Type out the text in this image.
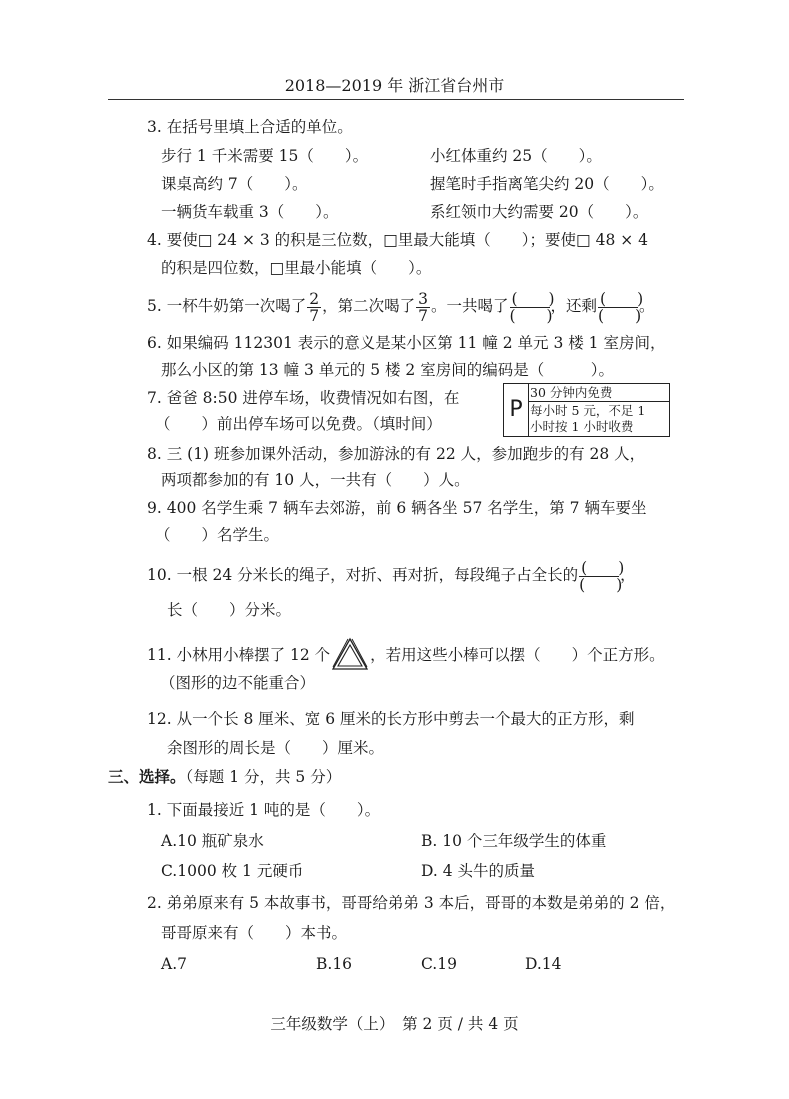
2018—2019 年 浙江省台州市
3. 在括号里填上合适的单位。
步行 1 千米需要 15（　　）。	小红体重约 25（　　）。
课桌高约 7（　　）。	握笔时手指离笔尖约 20（　　）。
一辆货车载重 3（　　）。	系红领巾大约需要 20（　　）。
4. 要使□ 24 × 3 的积是三位数，□里最大能填（　　）；要使□ 48 × 4
的积是四位数，□里最小能填（　　）。
5. 一杯牛奶第一次喝了 $\frac{2}{7}$ ，第二次喝了 $\frac{3}{7}$ 。一共喝了 $\frac{( )}{( )}$ ，还剩 $\frac{( )}{( )}$ 。
6. 如果编码 112301 表示的意义是某小区第 11 幢 2 单元 3 楼 1 室房间，
那么小区的第 13 幢 3 单元的 5 楼 2 室房间的编码是（　　　）。
7. 爸爸 8:50 进停车场，收费情况如右图，在
（　　）前出停车场可以免费。（填时间）
P
30 分钟内免费
每小时 5 元，不足 1
小时按 1 小时收费
8. 三 (1) 班参加课外活动，参加游泳的有 22 人，参加跑步的有 28 人，
两项都参加的有 10 人，一共有（　　）人。
9. 400 名学生乘 7 辆车去郊游，前 6 辆各坐 57 名学生，第 7 辆车要坐
（　　）名学生。
10. 一根 24 分米长的绳子，对折、再对折，每段绳子占全长的 $\frac{( )}{( )}$ ，
长（　　）分米。
11. 小林用小棒摆了 12 个	，若用这些小棒可以摆（　　）个正方形。
（图形的边不能重合）
12. 从一个长 8 厘米、宽 6 厘米的长方形中剪去一个最大的正方形，剩
余图形的周长是（　　）厘米。
三、选择。（每题 1 分，共 5 分）
1. 下面最接近 1 吨的是（　　）。
A.10 瓶矿泉水	B. 10 个三年级学生的体重
C.1000 枚 1 元硬币	D. 4 头牛的质量
2. 弟弟原来有 5 本故事书，哥哥给弟弟 3 本后，哥哥的本数是弟弟的 2 倍，
哥哥原来有（　　）本书。
A.7	B.16	C.19	D.14
三年级数学（上）　第 2 页 / 共 4 页
